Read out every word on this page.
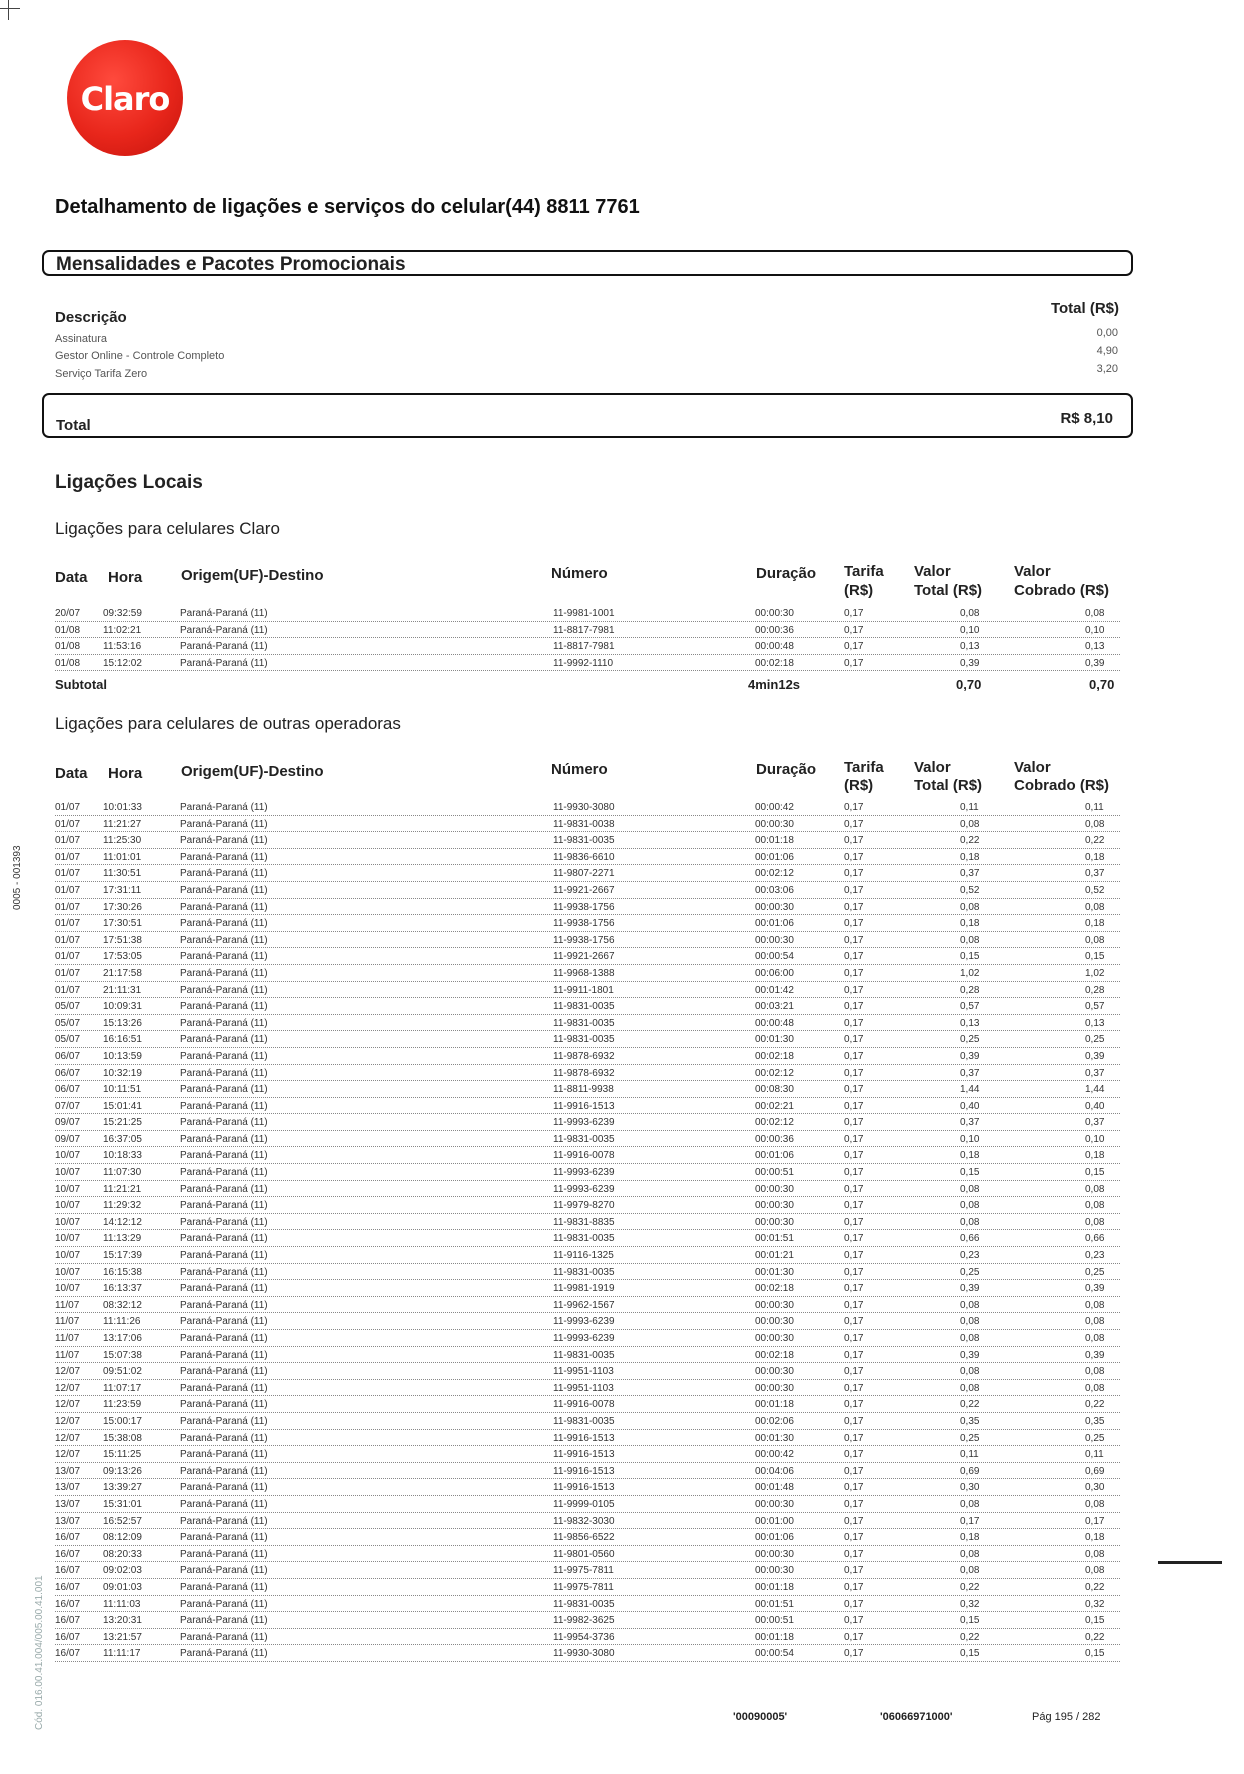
Claro
Detalhamento de ligações e serviços do celular(44) 8811 7761
Mensalidades e Pacotes Promocionais
Descrição
Total (R$)
Assinatura	0,00
Gestor Online - Controle Completo	4,90
Serviço Tarifa Zero	3,20
Total	R$ 8,10
Ligações Locais
Ligações para celulares Claro
Data Hora	Origem(UF)-Destino	Número	Duração Tarifa
(R$)
Valor
Total (R$)
Valor
Cobrado (R$)
20/07 09:32:59	Paraná-Paraná (11)	11-9981-1001	00:00:30	0,17	0,08	0,08
01/08 11:02:21	Paraná-Paraná (11)	11-8817-7981	00:00:36	0,17	0,10	0,10
01/08 11:53:16	Paraná-Paraná (11)	11-8817-7981	00:00:48	0,17	0,13	0,13
01/08 15:12:02	Paraná-Paraná (11)	11-9992-1110	00:02:18	0,17	0,39	0,39
Subtotal	4min12s	0,70	0,70
Ligações para celulares de outras operadoras
Data Hora	Origem(UF)-Destino	Número	Duração Tarifa
(R$)
Valor
Total (R$)
Valor
Cobrado (R$)
01/07 10:01:33	Paraná-Paraná (11)	11-9930-3080	00:00:42	0,17	0,11	0,11
01/07 11:21:27	Paraná-Paraná (11)	11-9831-0038	00:00:30	0,17	0,08	0,08
01/07 11:25:30	Paraná-Paraná (11)	11-9831-0035	00:01:18	0,17	0,22	0,22
01/07 11:01:01	Paraná-Paraná (11)	11-9836-6610	00:01:06	0,17	0,18	0,18
01/07 11:30:51	Paraná-Paraná (11)	11-9807-2271	00:02:12	0,17	0,37	0,37
01/07 17:31:11	Paraná-Paraná (11)	11-9921-2667	00:03:06	0,17	0,52	0,52
01/07 17:30:26	Paraná-Paraná (11)	11-9938-1756	00:00:30	0,17	0,08	0,08
01/07 17:30:51	Paraná-Paraná (11)	11-9938-1756	00:01:06	0,17	0,18	0,18
01/07 17:51:38	Paraná-Paraná (11)	11-9938-1756	00:00:30	0,17	0,08	0,08
01/07 17:53:05	Paraná-Paraná (11)	11-9921-2667	00:00:54	0,17	0,15	0,15
01/07 21:17:58	Paraná-Paraná (11)	11-9968-1388	00:06:00	0,17	1,02	1,02
01/07 21:11:31	Paraná-Paraná (11)	11-9911-1801	00:01:42	0,17	0,28	0,28
05/07 10:09:31	Paraná-Paraná (11)	11-9831-0035	00:03:21	0,17	0,57	0,57
05/07 15:13:26	Paraná-Paraná (11)	11-9831-0035	00:00:48	0,17	0,13	0,13
05/07 16:16:51	Paraná-Paraná (11)	11-9831-0035	00:01:30	0,17	0,25	0,25
06/07 10:13:59	Paraná-Paraná (11)	11-9878-6932	00:02:18	0,17	0,39	0,39
06/07 10:32:19	Paraná-Paraná (11)	11-9878-6932	00:02:12	0,17	0,37	0,37
06/07 10:11:51	Paraná-Paraná (11)	11-8811-9938	00:08:30	0,17	1,44	1,44
07/07 15:01:41	Paraná-Paraná (11)	11-9916-1513	00:02:21	0,17	0,40	0,40
09/07 15:21:25	Paraná-Paraná (11)	11-9993-6239	00:02:12	0,17	0,37	0,37
09/07 16:37:05	Paraná-Paraná (11)	11-9831-0035	00:00:36	0,17	0,10	0,10
10/07 10:18:33	Paraná-Paraná (11)	11-9916-0078	00:01:06	0,17	0,18	0,18
10/07 11:07:30	Paraná-Paraná (11)	11-9993-6239	00:00:51	0,17	0,15	0,15
10/07 11:21:21	Paraná-Paraná (11)	11-9993-6239	00:00:30	0,17	0,08	0,08
10/07 11:29:32	Paraná-Paraná (11)	11-9979-8270	00:00:30	0,17	0,08	0,08
10/07 14:12:12	Paraná-Paraná (11)	11-9831-8835	00:00:30	0,17	0,08	0,08
10/07 11:13:29	Paraná-Paraná (11)	11-9831-0035	00:01:51	0,17	0,66	0,66
10/07 15:17:39	Paraná-Paraná (11)	11-9116-1325	00:01:21	0,17	0,23	0,23
10/07 16:15:38	Paraná-Paraná (11)	11-9831-0035	00:01:30	0,17	0,25	0,25
10/07 16:13:37	Paraná-Paraná (11)	11-9981-1919	00:02:18	0,17	0,39	0,39
11/07 08:32:12	Paraná-Paraná (11)	11-9962-1567	00:00:30	0,17	0,08	0,08
11/07 11:11:26	Paraná-Paraná (11)	11-9993-6239	00:00:30	0,17	0,08	0,08
11/07 13:17:06	Paraná-Paraná (11)	11-9993-6239	00:00:30	0,17	0,08	0,08
11/07 15:07:38	Paraná-Paraná (11)	11-9831-0035	00:02:18	0,17	0,39	0,39
12/07 09:51:02	Paraná-Paraná (11)	11-9951-1103	00:00:30	0,17	0,08	0,08
12/07 11:07:17	Paraná-Paraná (11)	11-9951-1103	00:00:30	0,17	0,08	0,08
12/07 11:23:59	Paraná-Paraná (11)	11-9916-0078	00:01:18	0,17	0,22	0,22
12/07 15:00:17	Paraná-Paraná (11)	11-9831-0035	00:02:06	0,17	0,35	0,35
12/07 15:38:08	Paraná-Paraná (11)	11-9916-1513	00:01:30	0,17	0,25	0,25
12/07 15:11:25	Paraná-Paraná (11)	11-9916-1513	00:00:42	0,17	0,11	0,11
13/07 09:13:26	Paraná-Paraná (11)	11-9916-1513	00:04:06	0,17	0,69	0,69
13/07 13:39:27	Paraná-Paraná (11)	11-9916-1513	00:01:48	0,17	0,30	0,30
13/07 15:31:01	Paraná-Paraná (11)	11-9999-0105	00:00:30	0,17	0,08	0,08
13/07 16:52:57	Paraná-Paraná (11)	11-9832-3030	00:01:00	0,17	0,17	0,17
16/07 08:12:09	Paraná-Paraná (11)	11-9856-6522	00:01:06	0,17	0,18	0,18
16/07 08:20:33	Paraná-Paraná (11)	11-9801-0560	00:00:30	0,17	0,08	0,08
16/07 09:02:03	Paraná-Paraná (11)	11-9975-7811	00:00:30	0,17	0,08	0,08
16/07 09:01:03	Paraná-Paraná (11)	11-9975-7811	00:01:18	0,17	0,22	0,22
16/07 11:11:03	Paraná-Paraná (11)	11-9831-0035	00:01:51	0,17	0,32	0,32
16/07 13:20:31	Paraná-Paraná (11)	11-9982-3625	00:00:51	0,17	0,15	0,15
16/07 13:21:57	Paraná-Paraná (11)	11-9954-3736	00:01:18	0,17	0,22	0,22
16/07 11:11:17	Paraná-Paraná (11)	11-9930-3080	00:00:54	0,17	0,15	0,15
0005 - 001393
Cód. 016.00.41.004/005.00.41.001	'00090005'	'06066971000'	Pág 195 / 282
